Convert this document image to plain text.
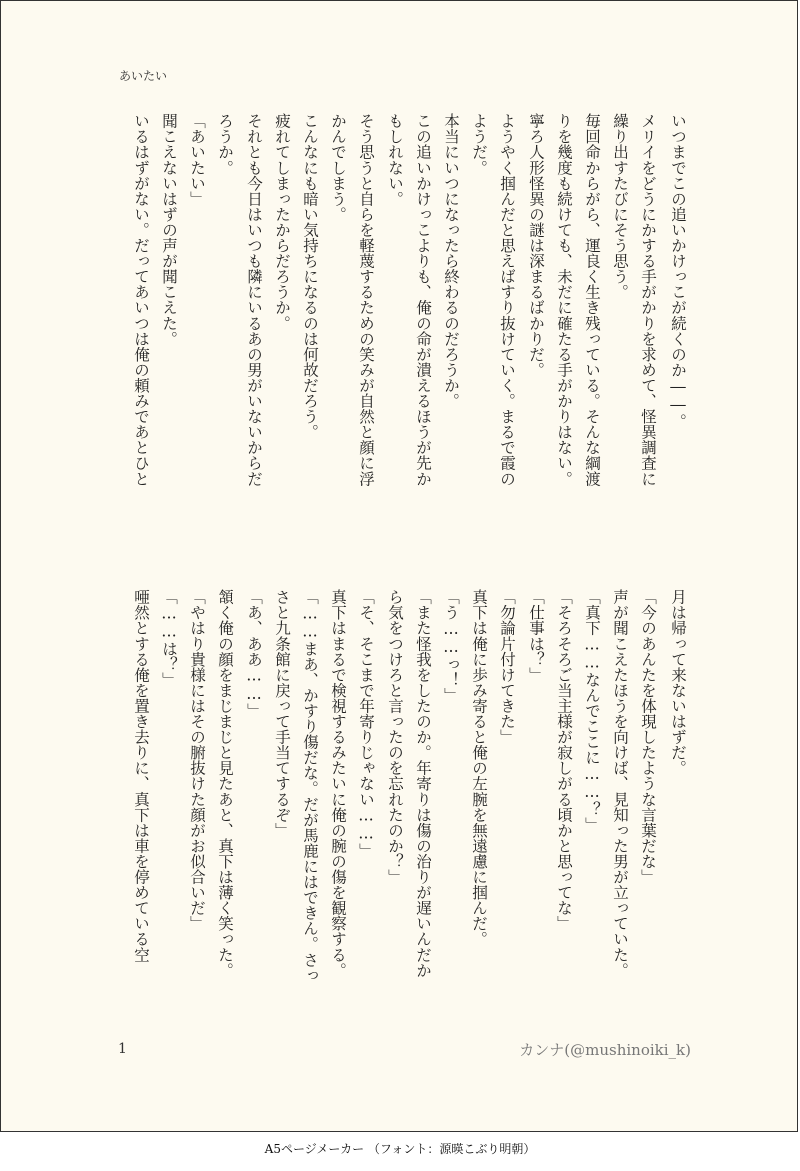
あいたい
いつまでこの追いかけっこが続くのか――。
メリイをどうにかする手がかりを求めて、怪異調査に
繰り出すたびにそう思う。
毎回命からがら、運良く生き残っている。そんな綱渡
りを幾度も続けても、未だに確たる手がかりはない。
寧ろ人形怪異の謎は深まるばかりだ。
ようやく掴んだと思えばすり抜けていく。まるで霞の
ようだ。
本当にいつになったら終わるのだろうか。
この追いかけっこよりも、俺の命が潰えるほうが先か
もしれない。
そう思うと自らを軽蔑するための笑みが自然と顔に浮
かんでしまう。
こんなにも暗い気持ちになるのは何故だろう。
疲れてしまったからだろうか。
それとも今日はいつも隣にいるあの男がいないからだ
ろうか。
「あいたい」
聞こえないはずの声が聞こえた。
いるはずがない。だってあいつは俺の頼みであとひと
月は帰って来ないはずだ。
「今のあんたを体現したような言葉だな」
声が聞こえたほうを向けば、見知った男が立っていた。
「真下……なんでここに……？」
「そろそろご当主様が寂しがる頃かと思ってな」
「仕事は？」
「勿論片付けてきた」
真下は俺に歩み寄ると俺の左腕を無遠慮に掴んだ。
「う……っ！」
「また怪我をしたのか。年寄りは傷の治りが遅いんだか
ら気をつけろと言ったのを忘れたのか？」
「そ、そこまで年寄りじゃない……」
真下はまるで検視するみたいに俺の腕の傷を観察する。
「……まあ、かすり傷だな。だが馬鹿にはできん。さっ
さと九条館に戻って手当てするぞ」
「あ、ああ……」
頷く俺の顔をまじまじと見たあと、真下は薄く笑った。
「やはり貴様にはその腑抜けた顔がお似合いだ」
「……は？」
唖然とする俺を置き去りに、真下は車を停めている空
1	カンナ(@mushinoiki_k)
A5ページメーカー （フォント：源暎こぶり明朝）
